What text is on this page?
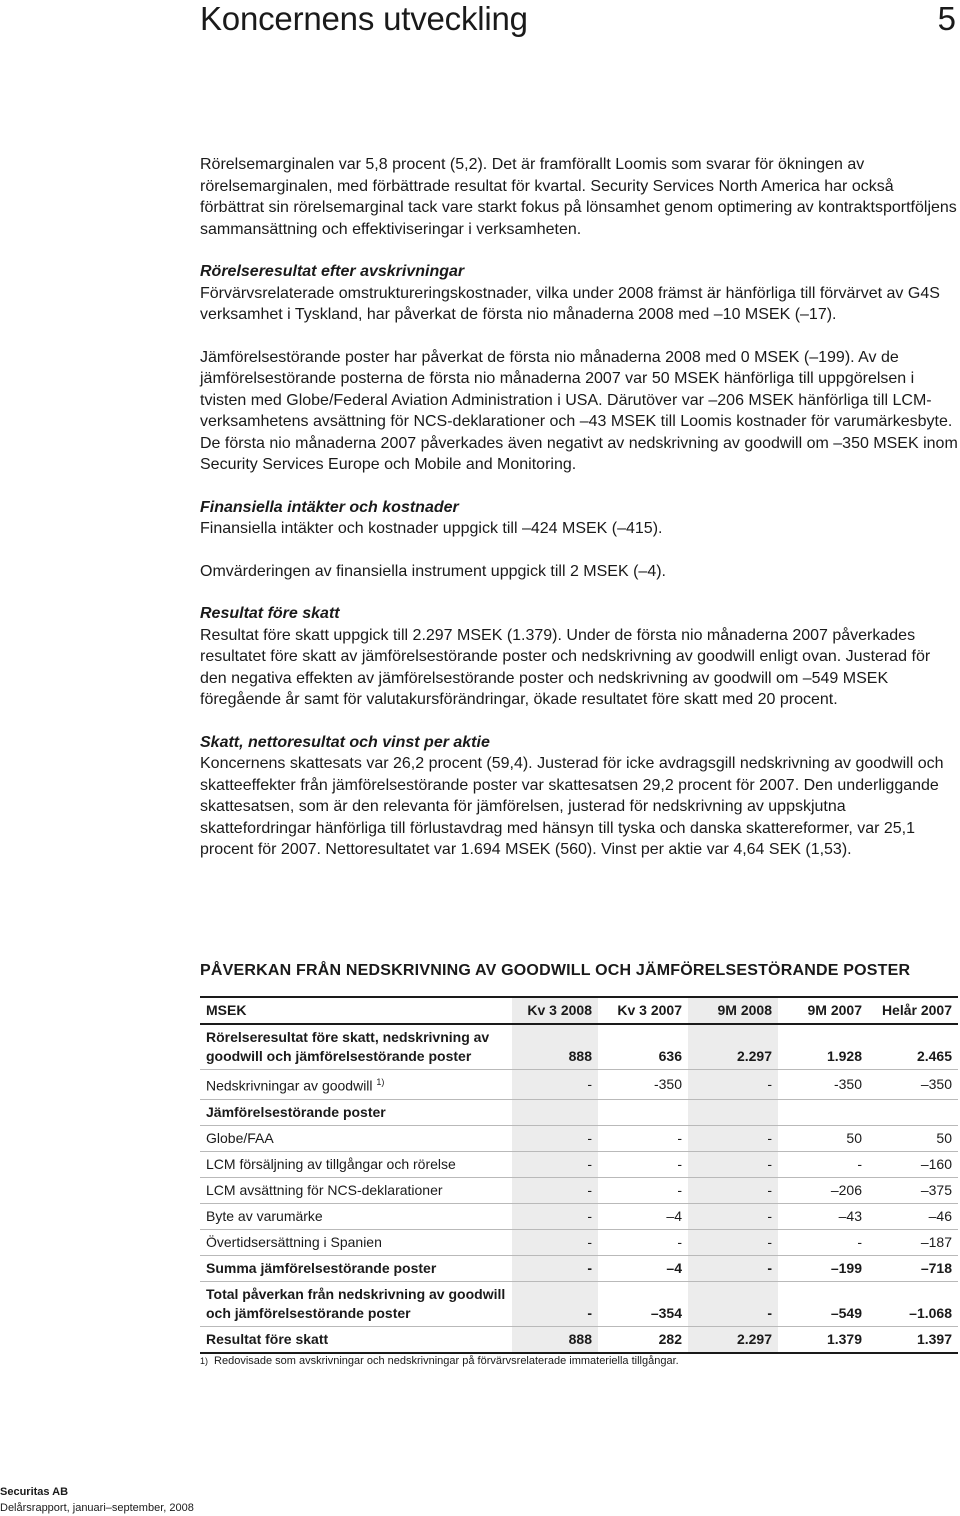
Koncernens utveckling	5

Rörelsemarginalen var 5,8 procent (5,2). Det är framförallt Loomis som svarar för ökningen av rörelsemarginalen, med förbättrade resultat för kvartal. Security Services North America har också förbättrat sin rörelsemarginal tack vare starkt fokus på lönsamhet genom optimering av kontraktsportföljens sammansättning och effektiviseringar i verksamheten.

Rörelseresultat efter avskrivningar

Förvärvsrelaterade omstruktureringskostnader, vilka under 2008 främst är hänförliga till förvärvet av G4S verksamhet i Tyskland, har påverkat de första nio månaderna 2008 med –10 MSEK (–17).

Jämförelsestörande poster har påverkat de första nio månaderna 2008 med 0 MSEK (–199). Av de jämförelsestörande posterna de första nio månaderna 2007 var 50 MSEK hänförliga till uppgörelsen i tvisten med Globe/Federal Aviation Administration i USA. Därutöver var –206 MSEK hänförliga till LCM-verksamhetens avsättning för NCS-deklarationer och –43 MSEK till Loomis kostnader för varumärkesbyte. De första nio månaderna 2007 påverkades även negativt av nedskrivning av goodwill om –350 MSEK inom Security Services Europe och Mobile and Monitoring.

Finansiella intäkter och kostnader

Finansiella intäkter och kostnader uppgick till –424 MSEK (–415).

Omvärderingen av finansiella instrument uppgick till 2 MSEK (–4).

Resultat före skatt

Resultat före skatt uppgick till 2.297 MSEK (1.379). Under de första nio månaderna 2007 påverkades resultatet före skatt av jämförelsestörande poster och nedskrivning av goodwill enligt ovan. Justerad för den negativa effekten av jämförelsestörande poster och nedskrivning av goodwill om –549 MSEK föregående år samt för valutakursförändringar, ökade resultatet före skatt med 20 procent.

Skatt, nettoresultat och vinst per aktie

Koncernens skattesats var 26,2 procent (59,4). Justerad för icke avdragsgill nedskrivning av goodwill och skatteeffekter från jämförelsestörande poster var skattesatsen 29,2 procent för 2007. Den underliggande skattesatsen, som är den relevanta för jämförelsen, justerad för nedskrivning av uppskjutna skattefordringar hänförliga till förlustavdrag med hänsyn till tyska och danska skattereformer, var 25,1 procent för 2007. Nettoresultatet var 1.694 MSEK (560). Vinst per aktie var 4,64 SEK (1,53).

PÅVERKAN FRÅN NEDSKRIVNING AV GOODWILL OCH JÄMFÖRELSESTÖRANDE POSTER
MSEK	Kv 3 2008	Kv 3 2007	9M 2008	9M 2007	Helår 2007
Rörelseresultat före skatt, nedskrivning av goodwill och jämförelsestörande poster	888	636	2.297	1.928	2.465
Nedskrivningar av goodwill $^{1)}$	-	-350	-	-350	–350
Jämförelsestörande poster					
Globe/FAA	-	-	-	50	50
LCM försäljning av tillgångar och rörelse	-	-	-	-	–160
LCM avsättning för NCS-deklarationer	-	-	-	–206	–375
Byte av varumärke	-	–4	-	–43	–46
Övertidsersättning i Spanien	-	-	-	-	–187
Summa jämförelsestörande poster	-	–4	-	–199	–718
Total påverkan från nedskrivning av goodwill och jämförelsestörande poster	-	–354	-	–549	–1.068
Resultat före skatt	888	282	2.297	1.379	1.397
$^{1)}$ Redovisade som avskrivningar och nedskrivningar på förvärvsrelaterade immateriella tillgångar.
Securitas AB
Delårsrapport, januari–september, 2008
